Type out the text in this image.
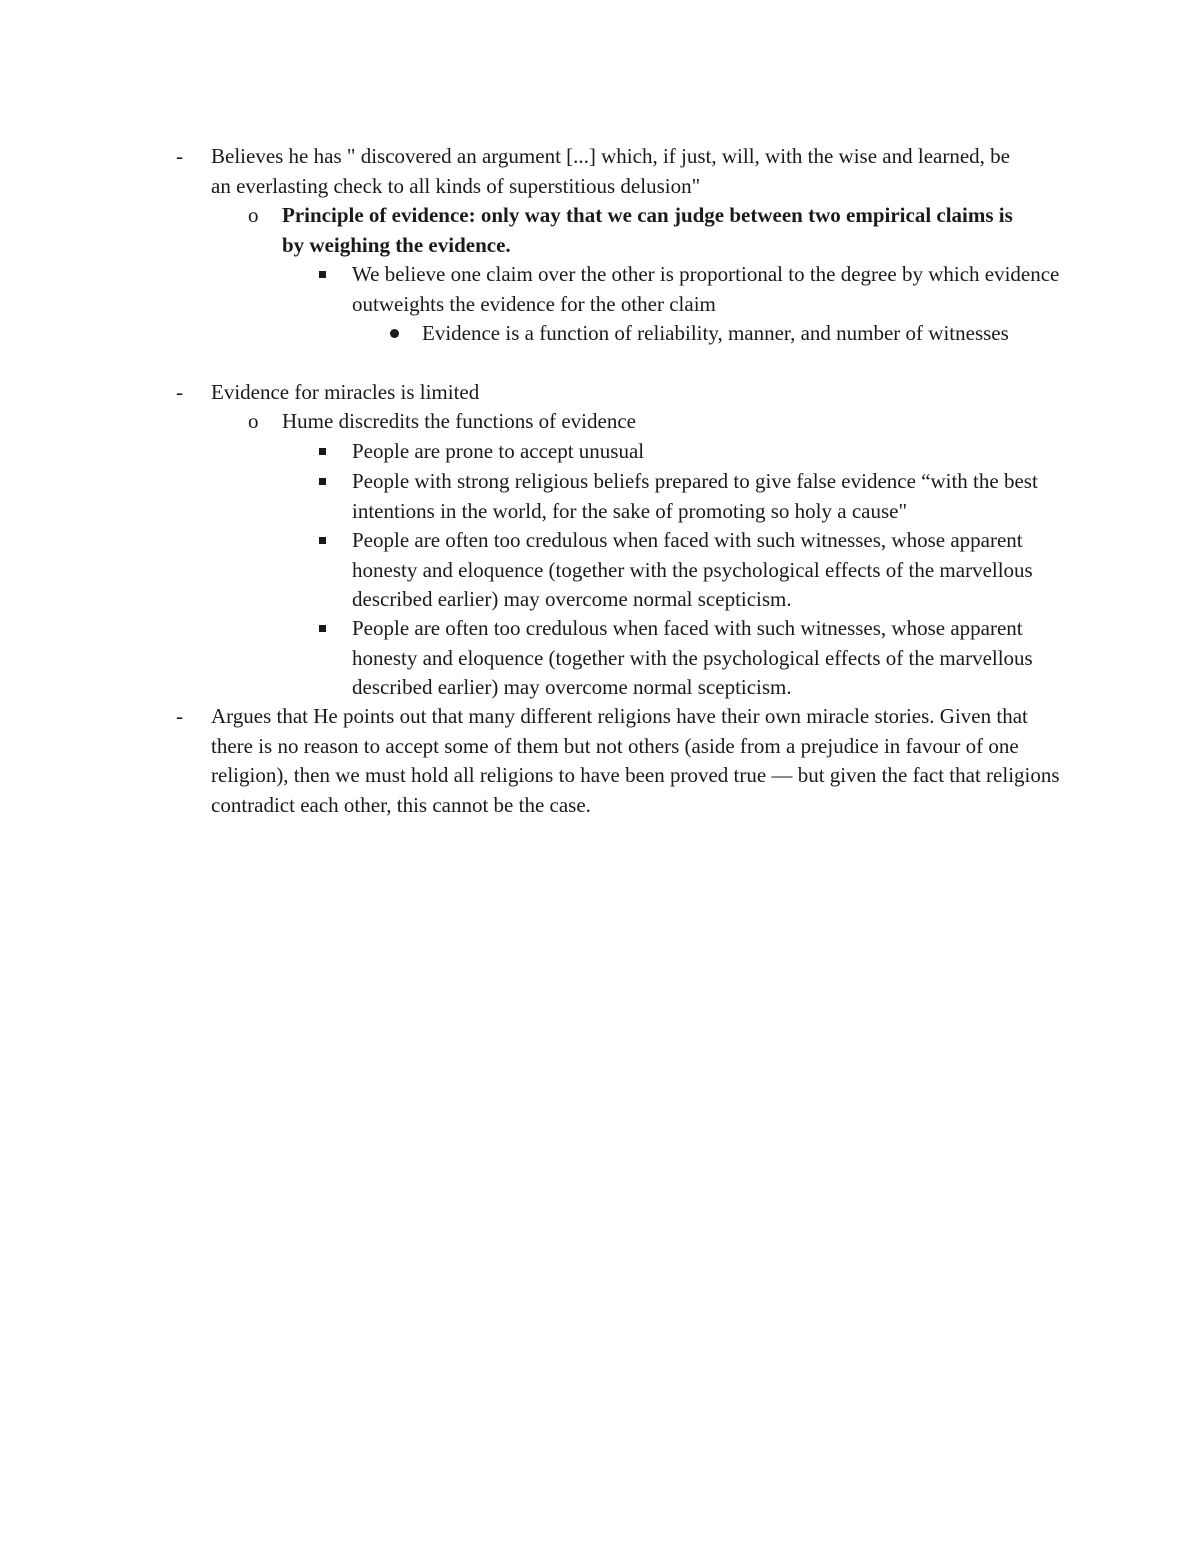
- Believes he has " discovered an argument [...] which, if just, will, with the wise and learned, be an everlasting check to all kinds of superstitious delusion"
o Principle of evidence: only way that we can judge between two empirical claims is by weighing the evidence.
We believe one claim over the other is proportional to the degree by which evidence outweights the evidence for the other claim
Evidence is a function of reliability, manner, and number of witnesses
- Evidence for miracles is limited
o Hume discredits the functions of evidence
People are prone to accept unusual
People with strong religious beliefs prepared to give false evidence “with the best intentions in the world, for the sake of promoting so holy a cause"
People are often too credulous when faced with such witnesses, whose apparent honesty and eloquence (together with the psychological effects of the marvellous described earlier) may overcome normal scepticism.
People are often too credulous when faced with such witnesses, whose apparent honesty and eloquence (together with the psychological effects of the marvellous described earlier) may overcome normal scepticism.
- Argues that He points out that many different religions have their own miracle stories. Given that there is no reason to accept some of them but not others (aside from a prejudice in favour of one religion), then we must hold all religions to have been proved true — but given the fact that religions contradict each other, this cannot be the case.
